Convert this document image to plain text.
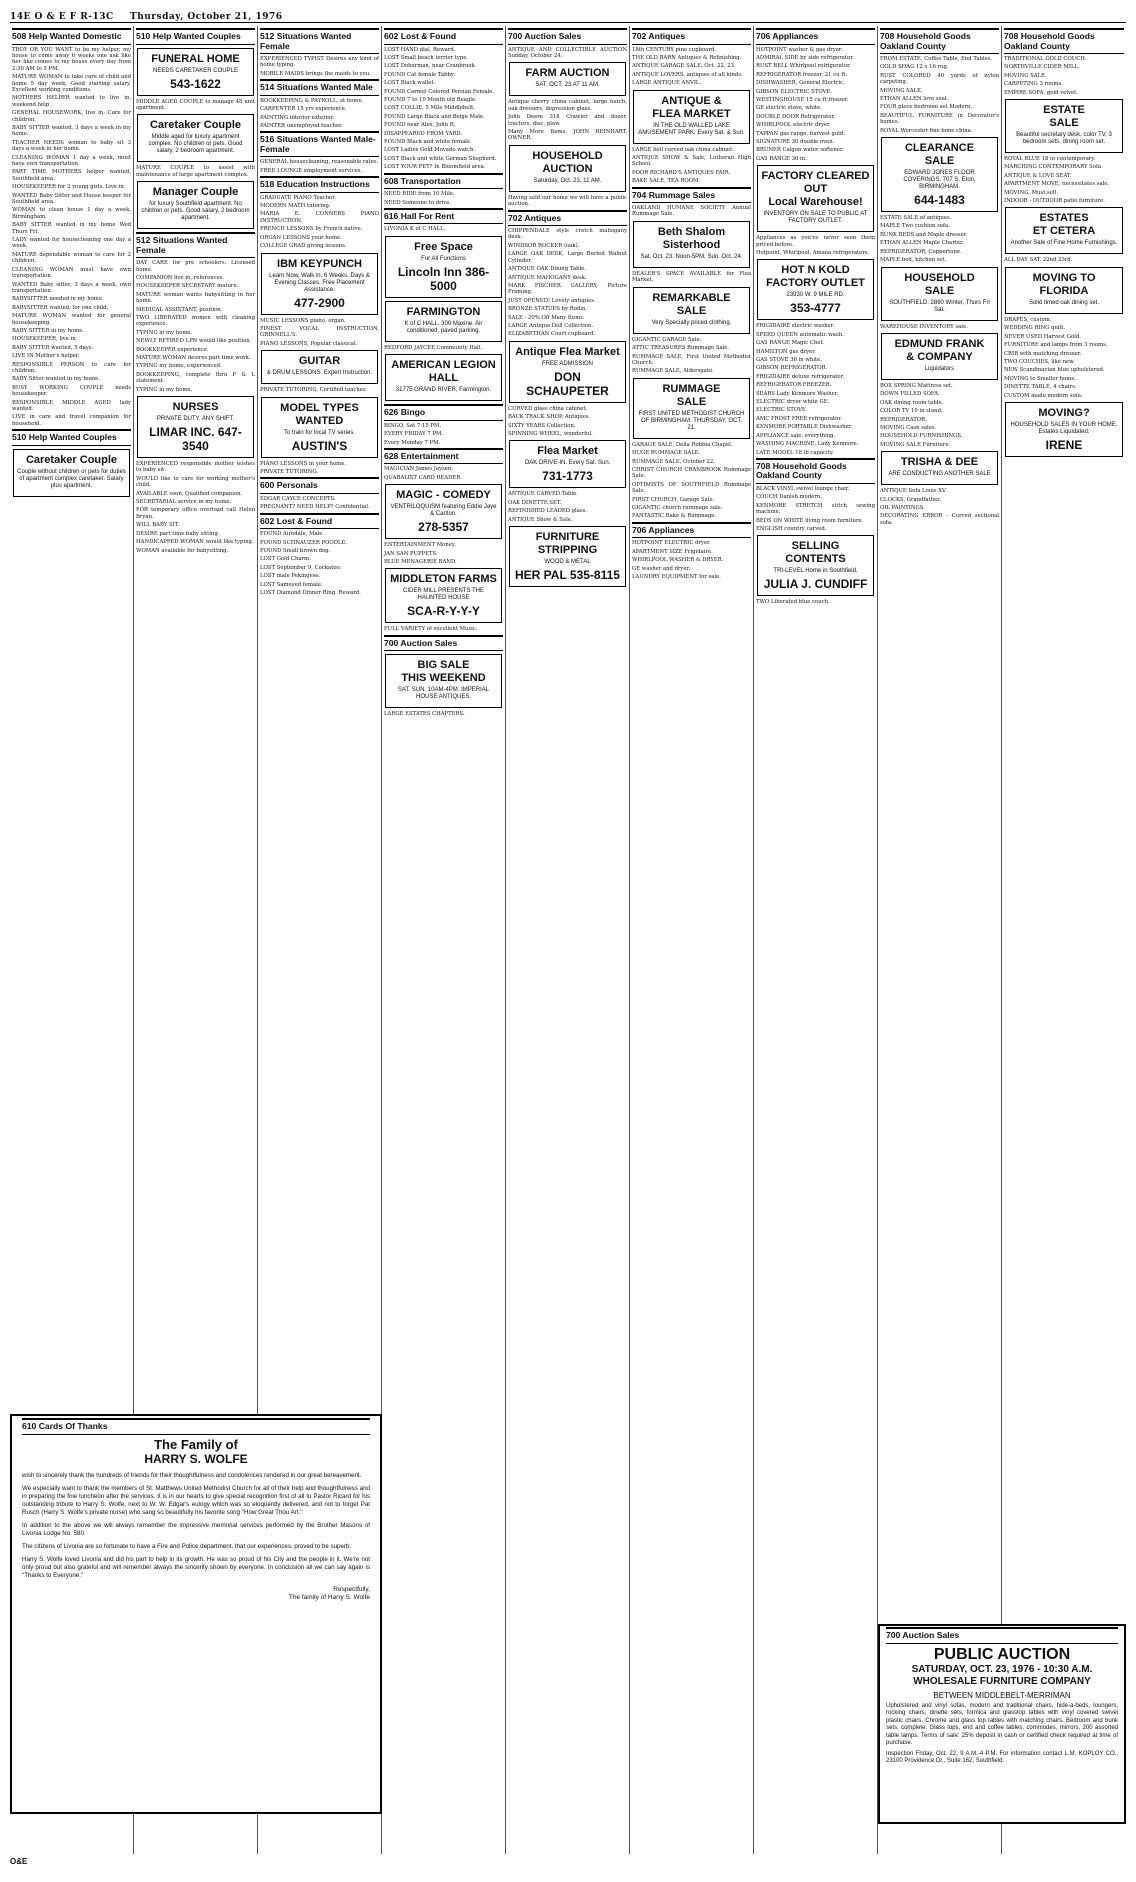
14E O & E F R-13C	Thursday, October 21, 1976
508 Help Wanted Domestic
TROY OR YOU WANT to be my helper, my house to come away 6 weeks one ask like her like comes to my house every day from 2:30 AM to 5 PM.
MATURE WOMAN to take care of child and home 5 day week, Good starting salary. Excellent working conditions.
MOTHERS HELPER wanted to live in, weekend help.
GENERAL HOUSEWORK, live in. Care for children.
BABY SITTER wanted, 3 days a week in my home.
TEACHER NEEDS woman to baby sit 3 days a week in her home.
CLEANING WOMAN 1 day a week, must have own transportation.
PART TIME MOTHERS helper wanted, Southfield area.
HOUSEKEEPER for 2 young girls. Live in.
WANTED Baby Sitter and House keeper for Southfield area.
WOMAN to clean house 1 day a week, Birmingham.
BABY SITTER wanted in my home Wed Thurs Fri.
LADY wanted for housecleaning one day a week.
MATURE dependable woman to care for 2 children.
CLEANING WOMAN must have own transportation.
WANTED Baby sitter, 3 days a week, own transportation.
BABYSITTER needed in my home.
BABYSITTER wanted, for one child.
MATURE WOMAN wanted for general housekeeping.
BABY SITTER in my home.
HOUSEKEEPER, live in.
BABY SITTER wanted, 5 days.
LIVE IN Mother's helper.
RESPONSIBLE PERSON to care for children.
BABY Sitter wanted in my home.
BUSY WORKING COUPLE needs housekeeper.
RESPONSIBLE MIDDLE AGED lady wanted.
LIVE in care and travel companion for household.
510 Help Wanted Couples
Caretaker Couple
Couple without children or pets for duties of apartment complex caretaker. Salary plus apartment.
510 Help Wanted Couples
FUNERAL HOME
NEEDS CARETAKER COUPLE
543-1622
MIDDLE AGED COUPLE to manage 48 unit apartment.
Caretaker Couple
Middle aged for luxury apartment complex. No children or pets. Good salary, 2 bedroom apartment.
MATURE COUPLE to assist with maintenance of large apartment complex.
Manager Couple
for luxury Southfield apartment. No children or pets. Good salary, 2 bedroom apartment.
512 Situations Wanted Female
DAY CARE for pre schoolers. Licensed home.
COMPANION live in, references.
HOUSEKEEPER SECRETARY mature.
MATURE woman wants babysitting in her home.
MEDICAL ASSISTANT, position.
TWO LIBERATED women with cleaning experience.
TYPING in my home.
NEWLY RETIRED LPN would like position.
BOOKKEEPER experience.
MATURE WOMAN desires part time work.
TYPING my home, experienced.
BOOKKEEPING, complete thru P & L statement.
TYPING in my home.
NURSES
PRIVATE DUTY. ANY SHIFT.
LIMAR INC. 647-3540
EXPERIENCED responsible mother wishes to baby sit.
WOULD like to care for working mother's child.
AVAILABLE soon, Qualified companion.
SECRETARIAL service in my home.
FOR temporary office overload call Helen Bryan.
WILL BABY SIT.
DESIRE part time baby sitting.
HANDICAPPED WOMAN would like typing.
WOMAN available for babysitting.
512 Situations Wanted Female
EXPERIENCED TYPIST Desires any kind of home typing.
MOBILE MAIDS brings the maids to you.
514 Situations Wanted Male
BOOKKEEPING & PAYROLL, at home.
CARPENTER 15 yrs experience.
PAINTING interior exterior.
PAINTER unemployed teacher.
516 Situations Wanted Male-Female
GENERAL housecleaning, reasonable rates.
FREE LOUNGE employment services.
518 Education Instructions
GRADUATE PIANO Teacher.
MODERN MATH tutoring.
MARIA E. CONNERS PIANO INSTRUCTION.
FRENCH LESSONS by French native.
ORGAN LESSONS your home.
COLLEGE GRAD giving lessons.
IBM KEYPUNCH
Learn Now, Walk in. 6 Weeks, Days & Evening Classes. Free Placement Assistance.
477-2900
MUSIC LESSONS piano, organ.
FINEST VOCAL INSTRUCTION, GRINNELL'S.
PIANO LESSONS, Popular classical.
GUITAR
& DRUM LESSONS. Expert Instruction.
PRIVATE TUTORING, Certified teacher.
MODEL TYPES WANTED
To train for local TV series.
AUSTIN'S
PIANO LESSONS in your home.
PRIVATE TUTORING.
600 Personals
EDGAR CAYCE CONCEPTS.
PREGNANT? NEED HELP? Confidential.
602 Lost & Found
FOUND Airedale, Male.
FOUND SCHNAUZER POODLE.
FOUND Small brown dog.
LOST Gold Charm.
LOST September 9, Cockatoo.
LOST male Pekingese.
LOST Samoyed female.
LOST Diamond Dinner Ring. Reward.
602 Lost & Found
LOST HAND dial, Reward.
LOST Small beach terrier type.
LOST Doberman, near Cranbrook.
FOUND Cat female Tabby.
LOST Black wallet.
FOUND Carmel Colored Persian Female.
FOUND 7 to 10 Month old Beagle.
LOST COLLIE, 5 Mile Middlebelt.
FOUND Large Black and Beige Male.
FOUND near Alex, John R.
DISAPPEARED FROM YARD.
FOUND Black and white female.
LOST Ladies Gold Movado watch.
LOST Black and white German Shepherd.
LOST YOUR PET? In Bloomfield area.
608 Transportation
NEED RIDE from 10 Mile.
NEED Someone to drive.
616 Hall For Rent
LIVONIA K of C HALL.
Free Space
For All Functions
Lincoln Inn 386-5000
FARMINGTON
K of C HALL. 300 Maxine. Air conditioned, paved parking.
REDFORD JAYCEE Community Hall.
AMERICAN LEGION HALL
31775 GRAND RIVER, Farmington.
626 Bingo
BINGO, Sat 7:15 PM.
EVERY FRIDAY 7 PM.
Every Monday 7 PM.
628 Entertainment
MAGICIAN James Jaysen.
QUABALIST CARD READER.
MAGIC - COMEDY
VENTRILOQUISM featuring Eddie Jaye & Carlton.
278-5357
ENTERTAINMENT Money.
JAN SAN PUPPETS.
BLUE MENAGERIE BAND.
MIDDLETON FARMS
CIDER MILL PRESENTS THE HAUNTED HOUSE
SCA-R-Y-Y-Y
FULL VARIETY of excellent Music.
700 Auction Sales
BIG SALE
THIS WEEKEND
SAT. SUN. 10AM-4PM. IMPERIAL HOUSE ANTIQUES.
LARGE ESTATES CHAPTERS.
700 Auction Sales
ANTIQUE AND COLLECTIBLE AUCTION Sunday, October 24.
FARM AUCTION
SAT. OCT. 23 AT 11 AM.
Antique cherry china cabinet, large hutch, oak dressers, depression glass.
John Deere 318 Crawler and dozer, tractors, disc, plow.
Many More Items. JOHN REINHART, OWNER.
HOUSEHOLD AUCTION
Saturday, Oct. 23, 11 AM.
Having sold our home we will have a public auction.
702 Antiques
CHIPPENDALE style crotch mahogany desk.
WINDSOR ROCKER (oak).
LARGE OAK DESK, Large Burled Walnut Cylinder.
ANTIQUE OAK Dining Table.
ANTIQUE MAHOGANY desk.
MARK FISCHER GALLERY, Picture Framing.
JUST OPENED! Lovely antiques.
BRONZE STATUES by Rodin.
SALE - 20% Off Many Items.
LARGE Antique Doll Collection.
ELIZABETHAN Court cupboard.
Antique Flea Market
FREE ADMISSION
DON SCHAUPETER
CURVED glass china cabinet.
BACK TRACK SHOP, Antiques.
SIXTY YEARS Collection.
SPINNING WHEEL, wonderful.
Flea Market
OAK DRIVE-IN. Every Sat. Sun.
731-1773
ANTIQUE CARVED Table.
OAK DINETTE SET.
REFINISHED LEADED glass.
ANTIQUE Show & Sale.
FURNITURE
STRIPPING
WOOD & METAL
HER PAL 535-8115
702 Antiques
18th CENTURY pine cupboard.
THE OLD BARN Antiques & Refinishing.
ANTIQUE GARAGE SALE, Oct. 22, 23.
ANTIQUE LOVERS, antiques of all kinds.
LARGE ANTIQUE ANVIL.
ANTIQUE &
FLEA MARKET
IN THE OLD WALLED LAKE AMUSEMENT PARK. Every Sat. & Sun.
LARGE bell curved oak china cabinet.
ANTIQUE SHOW & Sale, Lutheran High School.
POOR RICHARD'S ANTIQUES FAIR.
BAKE SALE, TEA ROOM.
704 Rummage Sales
OAKLAND HUMANE SOCIETY Annual Rummage Sale.
Beth Shalom Sisterhood
Sat. Oct. 23. Noon-5PM. Sun. Oct. 24.
DEALER'S SPACE AVAILABLE for Flea Market.
REMARKABLE SALE
Very Specially priced clothing.
GIGANTIC GARAGE Sale.
ATTIC TREASURES Rummage Sale.
RUMMAGE SALE, First United Methodist Church.
RUMMAGE SALE, Aldersgate.
RUMMAGE
SALE
FIRST UNITED METHODIST CHURCH OF BIRMINGHAM. THURSDAY, OCT. 21.
GARAGE SALE, Della Robbia Chapel.
HUGE RUMMAGE SALE.
RUMMAGE SALE, October 22.
CHRIST CHURCH CRANBROOK Rummage Sale.
OPTIMISTS OF SOUTHFIELD Rummage Sale.
FIRST CHURCH, Garage Sale.
GIGANTIC church rummage sale.
FANTASTIC Bake & Rummage.
706 Appliances
HOTPOINT ELECTRIC dryer.
APARTMENT SIZE Frigidaire.
WHIRLPOOL WASHER & DRYER.
GE washer and dryer.
LAUNDRY EQUIPMENT for sale.
706 Appliances
HOTPOINT washer & gas dryer.
ADMIRAL SIDE by side refrigerator.
RUST BELL Whirlpool refrigerator.
REFRIGERATOR freezer, 21 cu ft.
DISHWASHER, General Electric.
GIBSON ELECTRIC STOVE.
WESTINGHOUSE 15 cu ft freezer.
GE electric stove, white.
DOUBLE DOOR Refrigerator.
WHIRLPOOL electric dryer.
TAPPAN gas range, harvest gold.
SIGNATURE 30 double oven.
BRUNER Calgon water softener.
GAS RANGE 36 in.
FACTORY CLEARED OUT
Local Warehouse!
INVENTORY ON SALE TO PUBLIC AT FACTORY OUTLET.
Appliances as you've never seen them priced before.
Hotpoint, Whirlpool, Amana refrigerators.
HOT N KOLD
FACTORY OUTLET
23930 W. 9 MILE RD.
353-4777
FRIGIDAIRE electric washer.
SPEED QUEEN automatic wash.
GAS RANGE Magic Chef.
HAMILTON gas dryer.
GAS STOVE 36 in white.
GIBSON REFRIGERATOR.
FRIGIDAIRE deluxe refrigerator.
REFRIGERATOR FREEZER.
SEARS Lady Kenmore Washer.
ELECTRIC dryer white GE.
ELECTRIC STOVE.
AMC FROST FREE refrigerator.
KENMORE PORTABLE Dishwasher.
APPLIANCE sale, everything.
WASHING MACHINE, Lady Kenmore.
LATE MODEL 18 lb capacity.
708 Household Goods Oakland County
BLACK VINYL swivel lounge chair.
COUCH Danish modern.
KENMORE STRETCH stitch sewing machine.
BEDS ON WHITE living room furniture.
ENGLISH country carved.
SELLING CONTENTS
TRI-LEVEL Home in Southfield.
JULIA J. CUNDIFF
TWO Liberated blue couch.
708 Household Goods Oakland County
FROM ESTATE, Coffee Table, End Tables.
GOLD SHAG 12 x 16 rug.
RUST COLORED 40 yards of nylon carpeting.
MOVING SALE.
ETHAN ALLEN love seat.
FOUR piece bedroom set Modern.
BEAUTIFUL FURNITURE in Decorator's homes.
ROYAL Worcester fine bone china.
CLEARANCE
SALE
EDWARD JONES FLOOR COVERINGS. 707 S. Eton, BIRMINGHAM.
644-1483
ESTATE SALE of antiques.
MAPLE Two cushion sofa.
BUNK BEDS and Maple dresser.
ETHAN ALLEN Maple Charter.
REFRIGERATOR, Coppertone.
MAPLE bed, kitchen set.
HOUSEHOLD
SALE
SOUTHFIELD. 2860 Winter, Thurs Fri Sat.
WAREHOUSE INVENTORY sale.
EDMUND FRANK
& COMPANY
Liquidators
BOX SPRING Mattress set.
DOWN FILLED SOFA.
OAK dining room table.
COLOR TV 19 in stand.
REFRIGERATOR.
MOVING Cash sales.
HOUSEHOLD FURNISHINGS.
MOVING SALE Furniture.
TRISHA & DEE
ARE CONDUCTING ANOTHER SALE
ANTIQUE Sofa Louis XV.
CLOCKS, Grandfather.
OIL PAINTINGS.
DECORATING ERROR - Curved sectional sofa.
708 Household Goods Oakland County
TRADITIONAL GOLD COUCH.
NORTHVILLE CIDER MILL.
MOVING SALE.
CARPETING 3 rooms.
EMPIRE SOFA, gold velvet.
ESTATE
SALE
Beautiful secretary desk, color TV, 3 bedroom sets, dining room set.
ROYAL BLUE 18 in contemporary.
MARCHING CONTEMPORARY Sofa.
ANTIQUE & LOVE SEAT.
APARTMENT MOVE, necessitates sale.
MOVING, Must sell.
INDOOR - OUTDOOR patio furniture.
ESTATES
ET CETERA
Another Sale of Fine Home Furnishings.
ALL DAY SAT. 22nd 23rd.
MOVING TO FLORIDA
Solid timed oak dining set.
DRAPES, custom.
WEDDING RING quilt.
NEVER USED Harvest Gold.
FURNITURE and lamps from 3 rooms.
CRIB with matching dresser.
TWO COUCHES, like new.
NEW Scandinavian blue upholstered.
MOVING to Smaller home.
DINETTE TABLE, 4 chairs.
CUSTOM made modern sofa.
MOVING?
HOUSEHOLD SALES IN YOUR HOME. Estates Liquidated.
IRENE
610 Cards Of Thanks
The Family of
HARRY S. WOLFE

wish to sincerely thank the hundreds of friends for their thoughtfulness and condolences rendered in our great bereavement.

We especially want to thank the members of St. Matthews United Methodist Church for all of their help and thoughtfulness and in preparing the fine luncheon after the services. It is in our hearts to give special recognition first of all to Pastor Ricard for his outstanding tribute to Harry S. Wolfe, next to W. W. Edgar's eulogy which was so eloquently delivered, and not to forget Pat Rusch (Harry S. Wolfe's private nurse) who sang so beautifully his favorite song "How Great Thou Art."

In addition to the above we will always remember the impressive memorial services performed by the Brother Masons of Livonia Lodge No. 580.

The citizens of Livonia are so fortunate to have a Fire and Police department, that our experiences, proved to be superb.

Harry S. Wolfe loved Livonia and did his part to help in its growth. He was so proud of his City and the people in it. We're not only proud but also grateful and will remember always the sincerity shown by everyone. In conclusion all we can say again is "Thanks to Everyone."

Respectfully,
The family of Harry S. Wolfe
700 Auction Sales
PUBLIC AUCTION
SATURDAY, OCT. 23, 1976 - 10:30 A.M.
WHOLESALE FURNITURE COMPANY
BETWEEN MIDDLEBELT-MERRIMAN
Upholstered and vinyl sofas, modern and traditional chairs, hide-a-beds, loungers, rocking chairs, dinette sets, formica and glasstop tables with vinyl covered swivel plastic chairs. Chrome and glass top tables with matching chairs. Bedroom and bunk sets, complete. Glass tops, end and coffee tables, commodes, mirrors, 200 assorted table lamps. Terms of sale: 25% deposit in cash or certified check required at time of purchase.
Inspection Friday, Oct. 22, 9 A.M.-4 P.M. For information contact L.M. KOPLOY CO., 23100 Providence Dr., Suite 162, Southfield.
O&E
